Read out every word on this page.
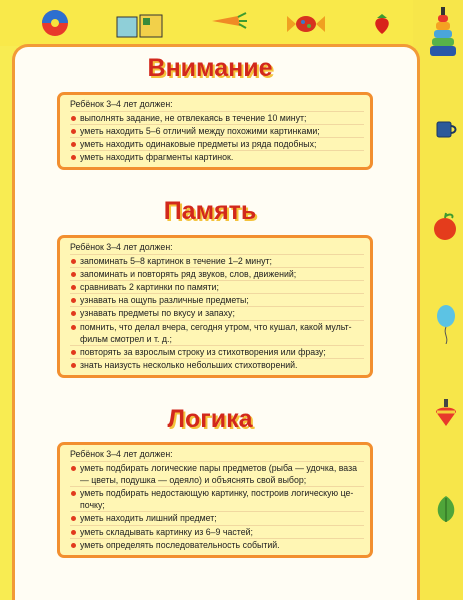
Внимание
Ребёнок 3–4 лет должен:
выполнять задание, не отвлекаясь в течение 10 минут;
уметь находить 5–6 отличий между похожими картинками;
уметь находить одинаковые предметы из ряда подобных;
уметь находить фрагменты картинок.
Память
Ребёнок 3–4 лет должен:
запоминать 5–8 картинок в течение 1–2 минут;
запоминать и повторять ряд звуков, слов, движений;
сравнивать 2 картинки по памяти;
узнавать на ощупь различные предметы;
узнавать предметы по вкусу и запаху;
помнить, что делал вчера, сегодня утром, что кушал, какой мульт-фильм смотрел и т. д.;
повторять за взрослым строку из стихотворения или фразу;
знать наизусть несколько небольших стихотворений.
Логика
Ребёнок 3–4 лет должен:
уметь подбирать логические пары предметов (рыба — удочка, ваза — цветы, подушка — одеяло) и объяснять свой выбор;
уметь подбирать недостающую картинку, построив логическую це-почку;
уметь находить лишний предмет;
уметь складывать картинку из 6–9 частей;
уметь определять последовательность событий.
